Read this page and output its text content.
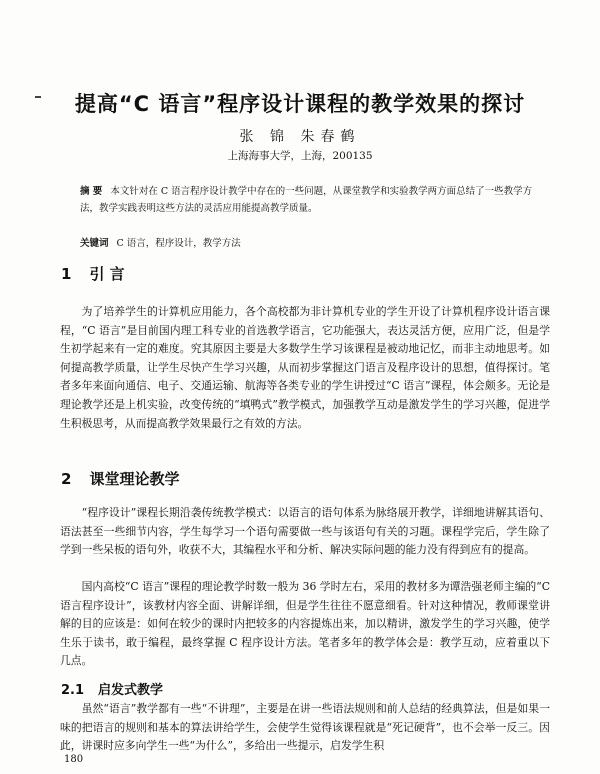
提高“C 语言”程序设计课程的教学效果的探讨
张 锦 朱春鹤
上海海事大学，上海，200135
摘 要 本文针对在 C 语言程序设计教学中存在的一些问题，从课堂教学和实验教学两方面总结了一些教学方法，教学实践表明这些方法的灵活应用能提高教学质量。
关键词 C 语言，程序设计，教学方法
1 引 言
为了培养学生的计算机应用能力，各个高校都为非计算机专业的学生开设了计算机程序设计语言课程，“C 语言”是目前国内理工科专业的首选教学语言，它功能强大，表达灵活方便，应用广泛，但是学生初学起来有一定的难度。究其原因主要是大多数学生学习该课程是被动地记忆，而非主动地思考。如何提高教学质量，让学生尽快产生学习兴趣，从而初步掌握这门语言及程序设计的思想，值得探讨。笔者多年来面向通信、电子、交通运输、航海等各类专业的学生讲授过“C 语言”课程，体会颇多。无论是理论教学还是上机实验，改变传统的“填鸭式”教学模式，加强教学互动是激发学生的学习兴趣，促进学生积极思考，从而提高教学效果最行之有效的方法。
2 课堂理论教学
“程序设计”课程长期沿袭传统教学模式：以语言的语句体系为脉络展开教学，详细地讲解其语句、语法甚至一些细节内容，学生每学习一个语句需要做一些与该语句有关的习题。课程学完后，学生除了学到一些呆板的语句外，收获不大，其编程水平和分析、解决实际问题的能力没有得到应有的提高。
国内高校“C 语言”课程的理论教学时数一般为 36 学时左右，采用的教材多为谭浩强老师主编的“C 语言程序设计”，该教材内容全面、讲解详细，但是学生往往不愿意细看。针对这种情况，教师课堂讲解的目的应该是：如何在较少的课时内把较多的内容提炼出来，加以精讲，激发学生的学习兴趣，使学生乐于读书，敢于编程，最终掌握 C 程序设计方法。笔者多年的教学体会是：教学互动，应着重以下几点。
2.1 启发式教学
虽然“语言”教学都有一些“不讲理”，主要是在讲一些语法规则和前人总结的经典算法，但是如果一味的把语言的规则和基本的算法讲给学生，会使学生觉得该课程就是“死记硬背”，也不会举一反三。因此，讲课时应多向学生一些“为什么”，多给出一些提示，启发学生积
180
